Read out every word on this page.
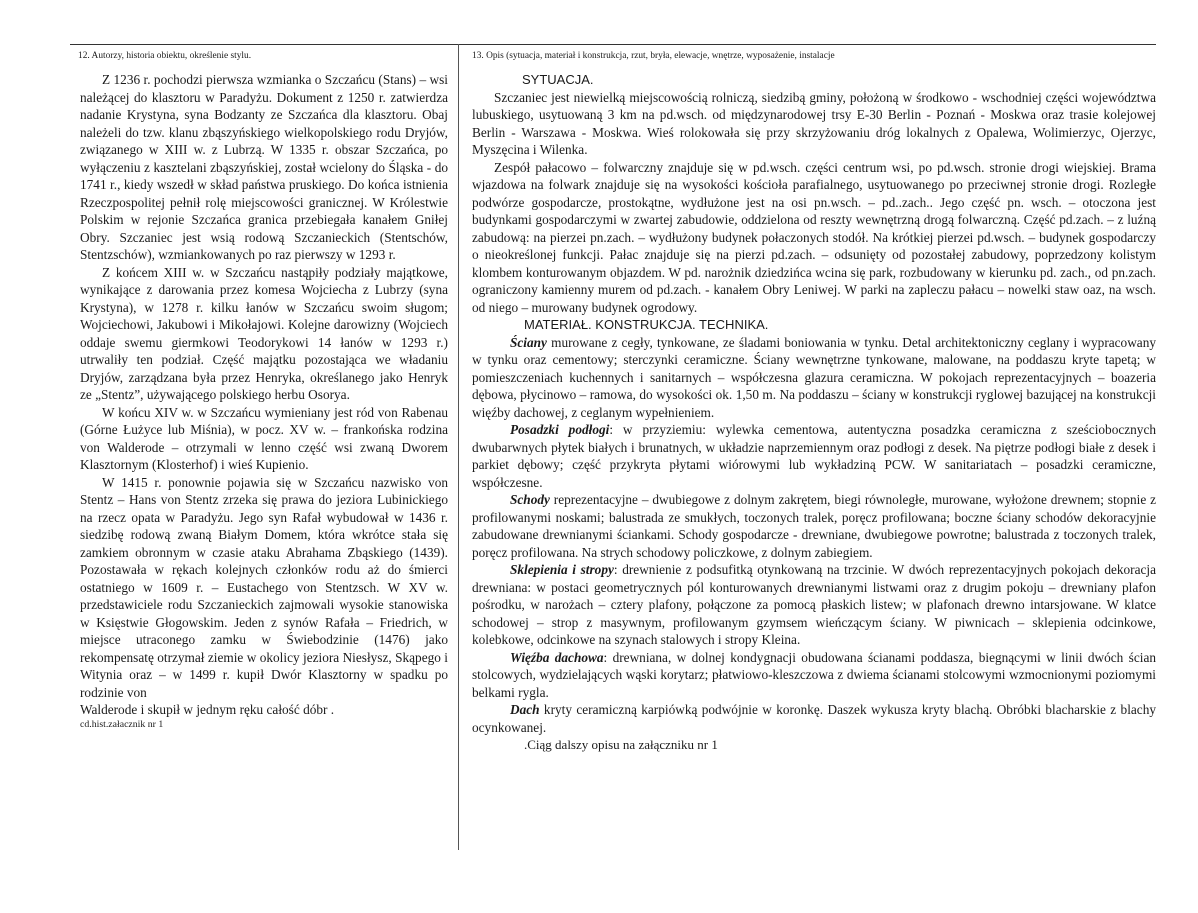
12. Autorzy, historia obiektu, określenie stylu.

Z 1236 r. pochodzi pierwsza wzmianka o Szczańcu (Stans) – wsi należącej do klasztoru w Paradyżu. Dokument z 1250 r. zatwierdza nadanie Krystyna, syna Bodzanty ze Szczańca dla klasztoru. Obaj należeli do tzw. klanu zbąszyńskiego wielkopolskiego rodu Dryjów, związanego w XIII w. z Lubrzą. W 1335 r. obszar Szczańca, po wyłączeniu z kasztelani zbąszyńskiej, został wcielony do Śląska - do 1741 r., kiedy wszedł w skład państwa pruskiego. Do końca istnienia Rzeczpospolitej pełnił rolę miejscowości granicznej. W Królestwie Polskim w rejonie Szczańca granica przebiegała kanałem Gniłej Obry. Szczaniec jest wsią rodową Szczanieckich (Stentschów, Stentzschów), wzmiankowanych po raz pierwszy w 1293 r.

Z końcem XIII w. w Szczańcu nastąpiły podziały majątkowe, wynikające z darowania przez komesa Wojciecha z Lubrzy (syna Krystyna), w 1278 r. kilku łanów w Szczańcu swoim sługom; Wojciechowi, Jakubowi i Mikołajowi. Kolejne darowizny (Wojciech oddaje swemu giermkowi Teodorykowi 14 łanów w 1293 r.) utrwaliły ten podział. Część majątku pozostająca we władaniu Dryjów, zarządzana była przez Henryka, określanego jako Henryk ze „Stentz”, używającego polskiego herbu Osorya.

W końcu XIV w. w Szczańcu wymieniany jest ród von Rabenau (Górne Łużyce lub Miśnia), w pocz. XV w. – frankońska rodzina von Walderode – otrzymali w lenno część wsi zwaną Dworem Klasztornym (Klosterhof) i wieś Kupienio.

W 1415 r. ponownie pojawia się w Szczańcu nazwisko von Stentz – Hans von Stentz zrzeka się prawa do jeziora Lubinickiego na rzecz opata w Paradyżu. Jego syn Rafał wybudował w 1436 r. siedzibę rodową zwaną Białym Domem, która wkrótce stała się zamkiem obronnym w czasie ataku Abrahama Zbąskiego (1439). Pozostawała w rękach kolejnych członków rodu aż do śmierci ostatniego w 1609 r. – Eustachego von Stentzsch. W XV w. przedstawiciele rodu Szczanieckich zajmowali wysokie stanowiska w Księstwie Głogowskim. Jeden z synów Rafała – Friedrich, w miejsce utraconego zamku w Świebodzinie (1476) jako rekompensatę otrzymał ziemie w okolicy jeziora Niesłysz, Skąpego i Witynia oraz – w 1499 r. kupił Dwór Klasztorny w spadku po rodzinie von

Walderode i skupił w jednym ręku całość dóbr .

cd.hist.załacznik nr 1
13. Opis (sytuacja, materiał i konstrukcja, rzut, bryła, elewacje, wnętrze, wyposażenie, instalacje
SYTUACJA.

Szczaniec jest niewielką miejscowością rolniczą, siedzibą gminy, położoną w środkowo - wschodniej części województwa lubuskiego, usytuowaną 3 km na pd.wsch. od międzynarodowej trsy E-30 Berlin - Poznań - Moskwa oraz trasie kolejowej Berlin - Warszawa - Moskwa. Wieś rolokowała się przy skrzyżowaniu dróg lokalnych z Opalewa, Wolimierzyc, Ojerzyc, Myszęcina i Wilenka.

Zespół pałacowo – folwarczny znajduje się w pd.wsch. części centrum wsi, po pd.wsch. stronie drogi wiejskiej. Brama wjazdowa na folwark znajduje się na wysokości kościoła parafialnego, usytuowanego po przeciwnej stronie drogi. Rozległe podwórze gospodarcze, prostokątne, wydłużone jest na osi pn.wsch. – pd..zach.. Jego część pn. wsch. – otoczona jest budynkami gospodarczymi w zwartej zabudowie, oddzielona od reszty wewnętrzną drogą folwarczną. Część pd.zach. – z luźną zabudową: na pierzei pn.zach. – wydłużony budynek połaczonych stodół. Na krótkiej pierzei pd.wsch. – budynek gospodarczy o nieokreślonej funkcji. Pałac znajduje się na pierzi pd.zach. – odsunięty od pozostałej zabudowy, poprzedzony kolistym klombem konturowanym objazdem. W pd. narożnik dziedzińca wcina się park, rozbudowany w kierunku pd. zach., od pn.zach. ograniczony kamienny murem od pd.zach. - kanałem Obry Leniwej. W parki na zapleczu pałacu – nowelki staw oaz, na wsch. od niego – murowany budynek ogrodowy.

MATERIAŁ. KONSTRUKCJA. TECHNIKA.

Ściany murowane z cegły, tynkowane, ze śladami boniowania w tynku. Detal architektoniczny ceglany i wypracowany w tynku oraz cementowy; sterczynki ceramiczne. Ściany wewnętrzne tynkowane, malowane, na poddaszu kryte tapetą; w pomieszczeniach kuchennych i sanitarnych – współczesna glazura ceramiczna. W pokojach reprezentacyjnych – boazeria dębowa, płycinowo – ramowa, do wysokości ok. 1,50 m. Na poddaszu – ściany w konstrukcji ryglowej bazującej na konstrukcji więźby dachowej, z ceglanym wypełnieniem.

Posadzki podłogi: w przyziemiu: wylewka cementowa, autentyczna posadzka ceramiczna z sześciobocznych dwubarwnych płytek białych i brunatnych, w układzie naprzemiennym oraz podłogi z desek. Na piętrze podłogi białe z desek i parkiet dębowy; część przykryta płytami wiórowymi lub wykładziną PCW. W sanitariatach – posadzki ceramiczne, współczesne.

Schody reprezentacyjne – dwubiegowe z dolnym zakrętem, biegi równoległe, murowane, wyłożone drewnem; stopnie z profilowanymi noskami; balustrada ze smukłych, toczonych tralek, poręcz profilowana; boczne ściany schodów dekoracyjnie zabudowane drewnianymi ściankami. Schody gospodarcze - drewniane, dwubiegowe powrotne; balustrada z toczonych tralek, poręcz profilowana. Na strych schodowy policzkowe, z dolnym zabiegiem.

Sklepienia i stropy: drewnienie z podsufitką otynkowaną na trzcinie. W dwóch reprezentacyjnych pokojach dekoracja drewniana: w postaci geometrycznych pól konturowanych drewnianymi listwami oraz z drugim pokoju – drewniany plafon pośrodku, w narożach – cztery plafony, połączone za pomocą płaskich listew; w plafonach drewno intarsjowane. W klatce schodowej – strop z masywnym, profilowanym gzymsem wieńczącym ściany. W piwnicach – sklepienia odcinkowe, kolebkowe, odcinkowe na szynach stalowych i stropy Kleina.

Więźba dachowa: drewniana, w dolnej kondygnacji obudowana ścianami poddasza, biegnącymi w linii dwóch ścian stolcowych, wydzielających wąski korytarz; płatwiowo-kleszczowa z dwiema ścianami stolcowymi wzmocnionymi poziomymi belkami rygla.

Dach kryty ceramiczną karpiówką podwójnie w koronkę. Daszek wykusza kryty blachą. Obróbki blacharskie z blachy ocynkowanej.

.Ciąg dalszy opisu na załączniku nr 1
